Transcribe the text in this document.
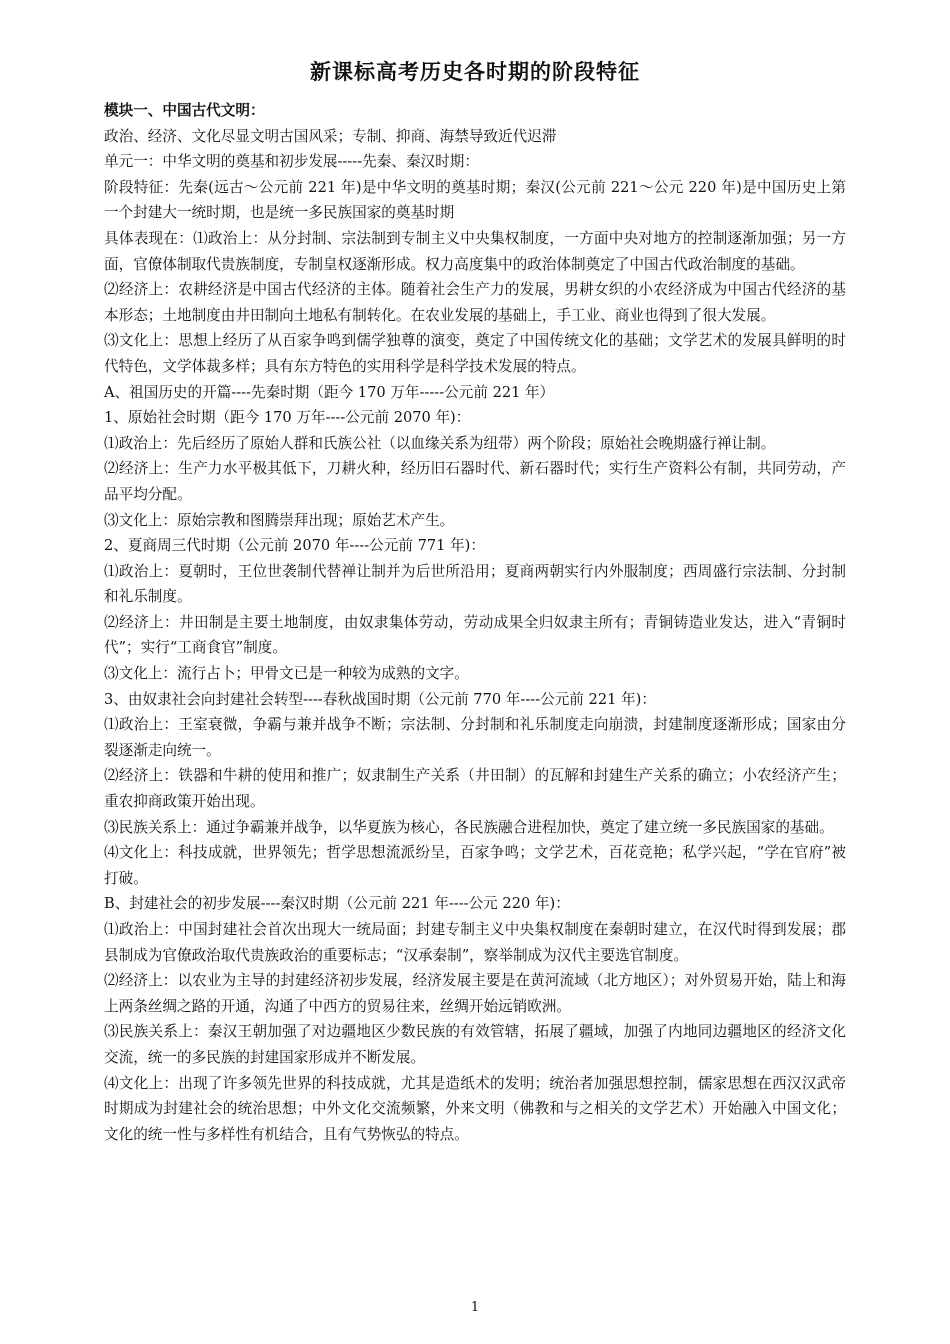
新课标高考历史各时期的阶段特征

模块一、中国古代文明：

政治、经济、文化尽显文明古国风采；专制、抑商、海禁导致近代迟滞

单元一：中华文明的奠基和初步发展-----先秦、秦汉时期：

阶段特征：先秦(远古～公元前 221 年)是中华文明的奠基时期；秦汉(公元前 221～公元 220 年)是中国历史上第一个封建大一统时期，也是统一多民族国家的奠基时期

具体表现在：⑴政治上：从分封制、宗法制到专制主义中央集权制度，一方面中央对地方的控制逐渐加强；另一方面，官僚体制取代贵族制度，专制皇权逐渐形成。权力高度集中的政治体制奠定了中国古代政治制度的基础。

⑵经济上：农耕经济是中国古代经济的主体。随着社会生产力的发展，男耕女织的小农经济成为中国古代经济的基本形态；土地制度由井田制向土地私有制转化。在农业发展的基础上，手工业、商业也得到了很大发展。

⑶文化上：思想上经历了从百家争鸣到儒学独尊的演变，奠定了中国传统文化的基础；文学艺术的发展具鲜明的时代特色，文学体裁多样；具有东方特色的实用科学是科学技术发展的特点。

A、祖国历史的开篇----先秦时期（距今 170 万年-----公元前 221 年）

1、原始社会时期（距今 170 万年----公元前 2070 年)：

⑴政治上：先后经历了原始人群和氏族公社（以血缘关系为纽带）两个阶段；原始社会晚期盛行禅让制。

⑵经济上：生产力水平极其低下，刀耕火种，经历旧石器时代、新石器时代；实行生产资料公有制，共同劳动，产品平均分配。

⑶文化上：原始宗教和图腾崇拜出现；原始艺术产生。

2、夏商周三代时期（公元前 2070 年----公元前 771 年)：

⑴政治上：夏朝时，王位世袭制代替禅让制并为后世所沿用；夏商两朝实行内外服制度；西周盛行宗法制、分封制和礼乐制度。

⑵经济上：井田制是主要土地制度，由奴隶集体劳动，劳动成果全归奴隶主所有；青铜铸造业发达，进入“青铜时代”；实行“工商食官”制度。

⑶文化上：流行占卜；甲骨文已是一种较为成熟的文字。

3、由奴隶社会向封建社会转型----春秋战国时期（公元前 770 年----公元前 221 年)：

⑴政治上：王室衰微，争霸与兼并战争不断；宗法制、分封制和礼乐制度走向崩溃，封建制度逐渐形成；国家由分裂逐渐走向统一。

⑵经济上：铁器和牛耕的使用和推广；奴隶制生产关系（井田制）的瓦解和封建生产关系的确立；小农经济产生；重农抑商政策开始出现。

⑶民族关系上：通过争霸兼并战争，以华夏族为核心，各民族融合进程加快，奠定了建立统一多民族国家的基础。

⑷文化上：科技成就，世界领先；哲学思想流派纷呈，百家争鸣；文学艺术，百花竞艳；私学兴起，“学在官府”被打破。

B、封建社会的初步发展----秦汉时期（公元前 221 年----公元 220 年)：

⑴政治上：中国封建社会首次出现大一统局面；封建专制主义中央集权制度在秦朝时建立，在汉代时得到发展；郡县制成为官僚政治取代贵族政治的重要标志；“汉承秦制”，察举制成为汉代主要选官制度。

⑵经济上：以农业为主导的封建经济初步发展，经济发展主要是在黄河流域（北方地区）；对外贸易开始，陆上和海上两条丝绸之路的开通，沟通了中西方的贸易往来，丝绸开始远销欧洲。

⑶民族关系上：秦汉王朝加强了对边疆地区少数民族的有效管辖，拓展了疆域，加强了内地同边疆地区的经济文化交流，统一的多民族的封建国家形成并不断发展。

⑷文化上：出现了许多领先世界的科技成就，尤其是造纸术的发明；统治者加强思想控制，儒家思想在西汉汉武帝时期成为封建社会的统治思想；中外文化交流频繁，外来文明（佛教和与之相关的文学艺术）开始融入中国文化；文化的统一性与多样性有机结合，且有气势恢弘的特点。

1
